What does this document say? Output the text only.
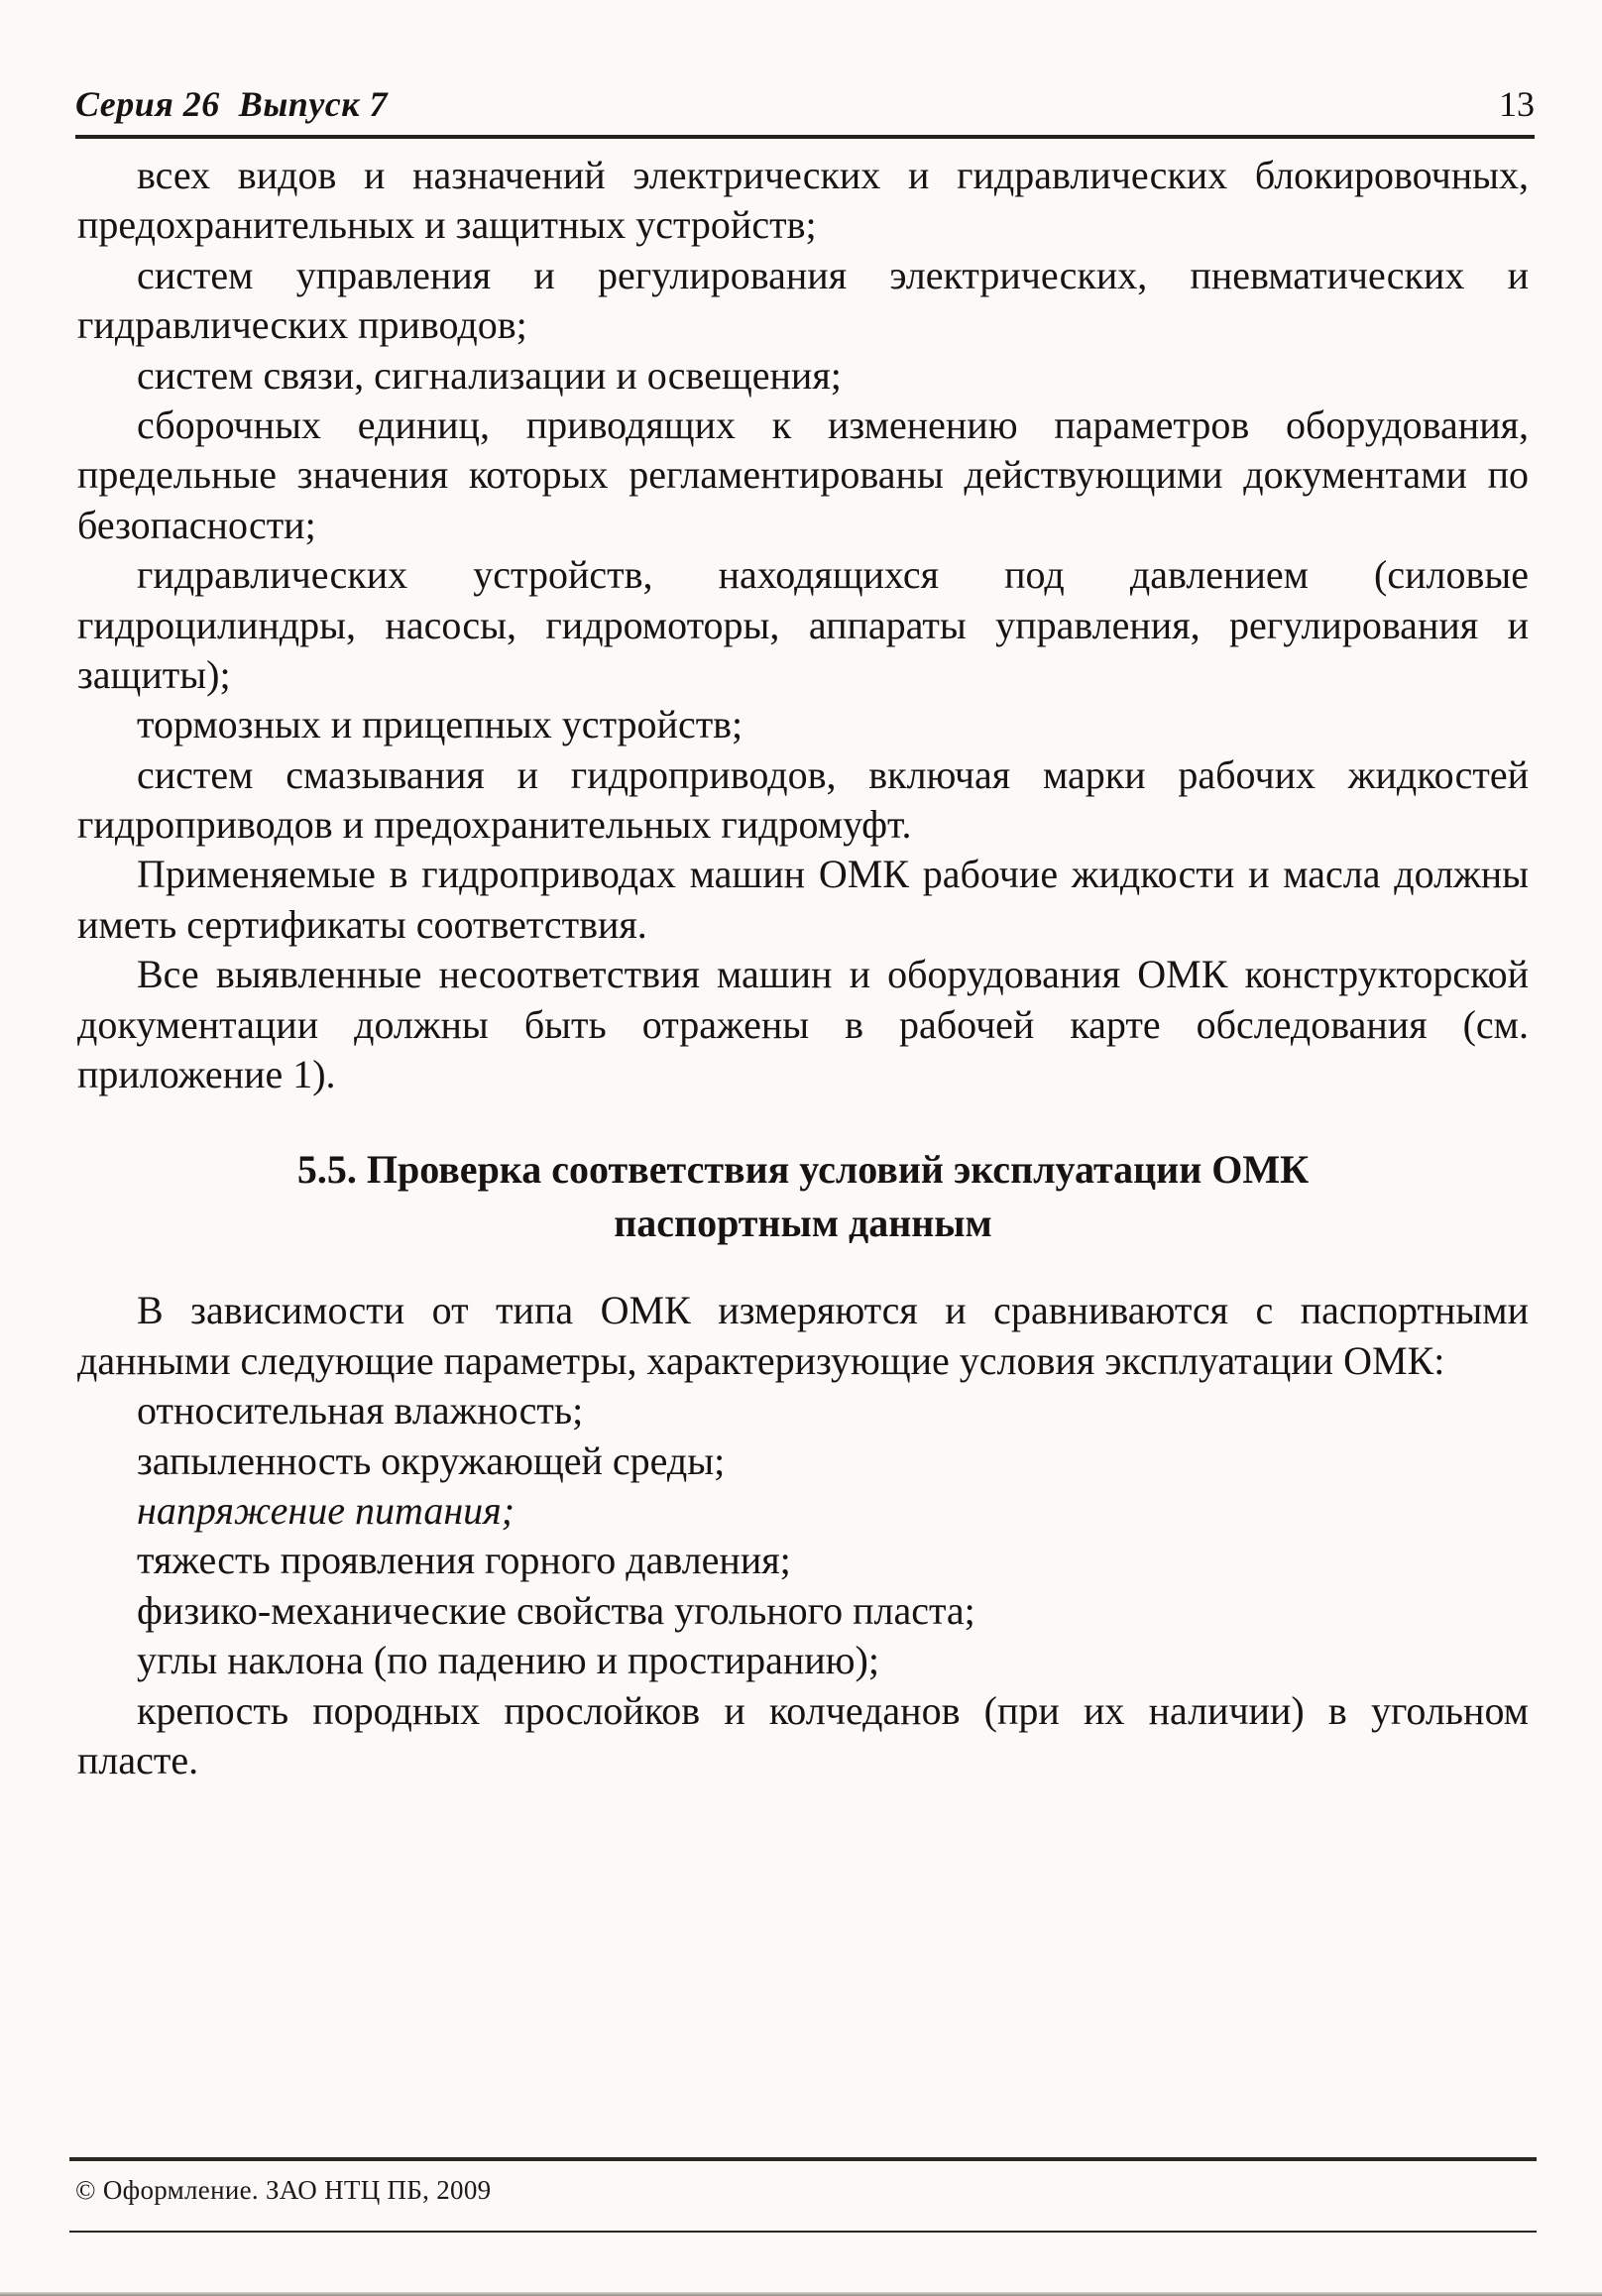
Серия 26  Выпуск 7	13

всех видов и назначений электрических и гидравлических блокировочных, предохранительных и защитных устройств;

систем управления и регулирования электрических, пневматических и гидравлических приводов;

систем связи, сигнализации и освещения;

сборочных единиц, приводящих к изменению параметров оборудования, предельные значения которых регламентированы действующими документами по безопасности;

гидравлических устройств, находящихся под давлением (силовые гидроцилиндры, насосы, гидромоторы, аппараты управления, регулирования и защиты);

тормозных и прицепных устройств;

систем смазывания и гидроприводов, включая марки рабочих жидкостей гидроприводов и предохранительных гидромуфт.

Применяемые в гидроприводах машин ОМК рабочие жидкости и масла должны иметь сертификаты соответствия.

Все выявленные несоответствия машин и оборудования ОМК конструкторской документации должны быть отражены в рабочей карте обследования (см. приложение 1).

5.5. Проверка соответствия условий эксплуатации ОМК
паспортным данным

В зависимости от типа ОМК измеряются и сравниваются с паспортными данными следующие параметры, характеризующие условия эксплуатации ОМК:

относительная влажность;

запыленность окружающей среды;

напряжение питания;

тяжесть проявления горного давления;

физико-механические свойства угольного пласта;

углы наклона (по падению и простиранию);

крепость породных прослойков и колчеданов (при их наличии) в угольном пласте.

© Оформление. ЗАО НТЦ ПБ, 2009
